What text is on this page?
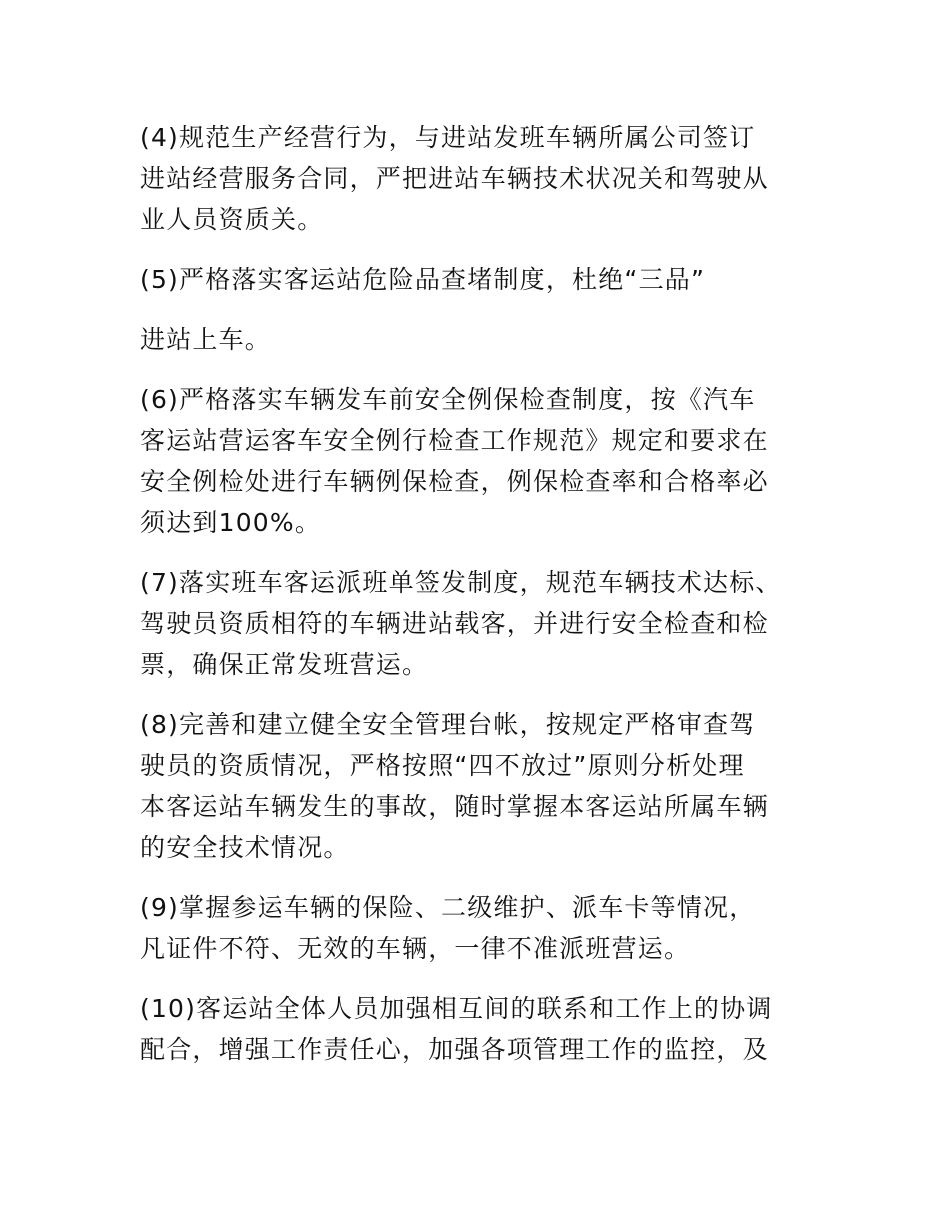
(4)规范生产经营行为，与进站发班车辆所属公司签订
进站经营服务合同，严把进站车辆技术状况关和驾驶从
业人员资质关。

(5)严格落实客运站危险品查堵制度，杜绝“三品”

进站上车。

(6)严格落实车辆发车前安全例保检查制度，按《汽车
客运站营运客车安全例行检查工作规范》规定和要求在
安全例检处进行车辆例保检查，例保检查率和合格率必
须达到100%。

(7)落实班车客运派班单签发制度，规范车辆技术达标、
驾驶员资质相符的车辆进站载客，并进行安全检查和检
票，确保正常发班营运。

(8)完善和建立健全安全管理台帐，按规定严格审查驾
驶员的资质情况，严格按照“四不放过”原则分析处理
本客运站车辆发生的事故，随时掌握本客运站所属车辆
的安全技术情况。

(9)掌握参运车辆的保险、二级维护、派车卡等情况，
凡证件不符、无效的车辆，一律不准派班营运。

(10)客运站全体人员加强相互间的联系和工作上的协调
配合，增强工作责任心，加强各项管理工作的监控，及
